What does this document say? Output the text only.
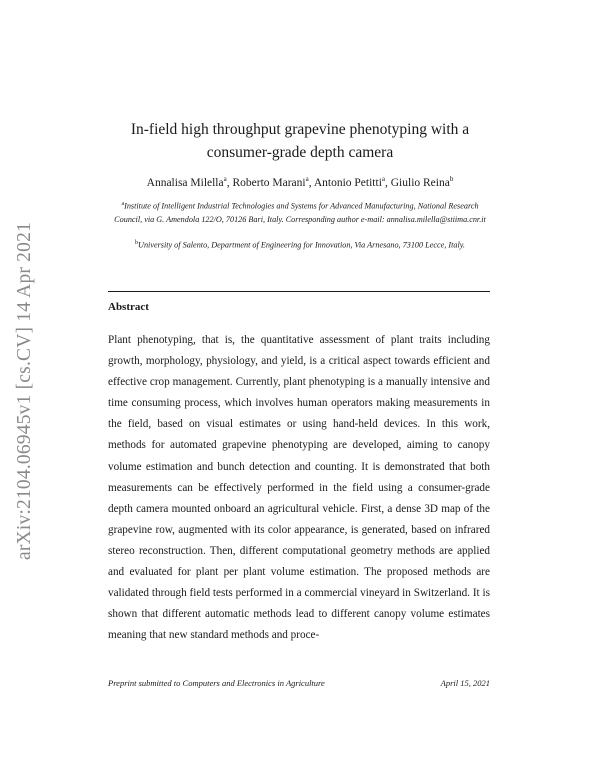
arXiv:2104.06945v1 [cs.CV] 14 Apr 2021
In-field high throughput grapevine phenotyping with a
consumer-grade depth camera
Annalisa Milella$^a$, Roberto Marani$^a$, Antonio Petitti$^a$, Giulio Reina$^b$
$^a$Institute of Intelligent Industrial Technologies and Systems for Advanced Manufacturing, National Research Council, via G. Amendola 122/O, 70126 Bari, Italy. Corresponding author e-mail: annalisa.milella@stiima.cnr.it
$^b$University of Salento, Department of Engineering for Innovation, Via Arnesano, 73100 Lecce, Italy.
Abstract
Plant phenotyping, that is, the quantitative assessment of plant traits including growth, morphology, physiology, and yield, is a critical aspect towards efficient and effective crop management. Currently, plant phenotyping is a manually intensive and time consuming process, which involves human operators making measurements in the field, based on visual estimates or using hand-held devices. In this work, methods for automated grapevine phenotyping are developed, aiming to canopy volume estimation and bunch detection and counting. It is demonstrated that both measurements can be effectively performed in the field using a consumer-grade depth camera mounted onboard an agricultural vehicle. First, a dense 3D map of the grapevine row, augmented with its color appearance, is generated, based on infrared stereo reconstruction. Then, different computational geometry methods are applied and evaluated for plant per plant volume estimation. The proposed methods are validated through field tests performed in a commercial vineyard in Switzerland. It is shown that different automatic methods lead to different canopy volume estimates meaning that new standard methods and proce-
Preprint submitted to Computers and Electronics in Agriculture	April 15, 2021
